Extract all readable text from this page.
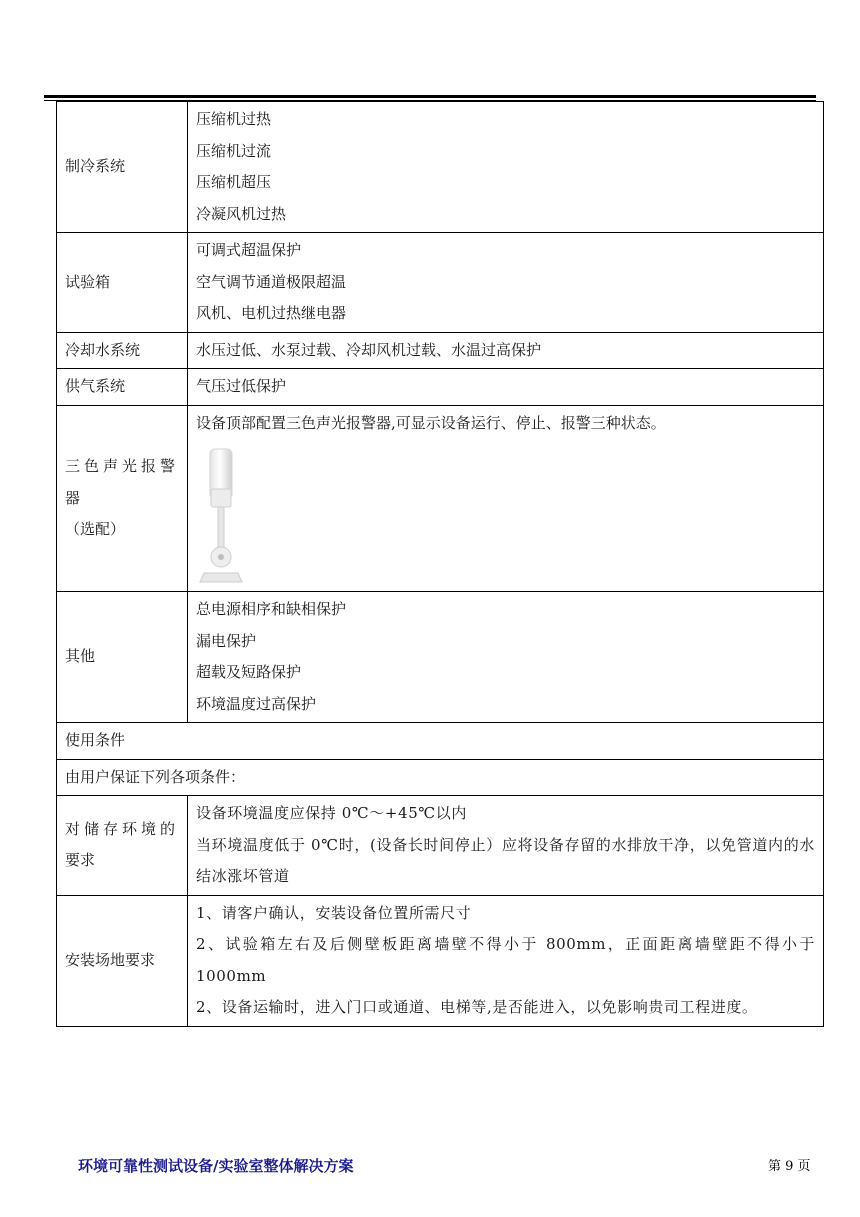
制冷系统	压缩机过热
压缩机过流
压缩机超压
冷凝风机过热

试验箱	可调式超温保护
空气调节通道极限超温
风机、电机过热继电器

冷却水系统	水压过低、水泵过载、冷却风机过载、水温过高保护

供气系统	气压过低保护

三色声光报警
器
（选配）	设备顶部配置三色声光报警器,可显示设备运行、停止、报警三种状态。

其他	总电源相序和缺相保护
漏电保护
超载及短路保护
环境温度过高保护

使用条件	
由用户保证下列各项条件：	

对储存环境的
要求	设备环境温度应保持 0℃～+45℃以内
当环境温度低于 0℃时，(设备长时间停止）应将设备存留的水排放干净，以免管道内的水结冰涨坏管道

安装场地要求	1、请客户确认，安装设备位置所需尺寸
2、试验箱左右及后侧壁板距离墙壁不得小于 800mm，正面距离墙壁距不得小于 1000mm
2、设备运输时，进入门口或通道、电梯等,是否能进入，以免影响贵司工程进度。
环境可靠性测试设备/实验室整体解决方案	第 9 页
